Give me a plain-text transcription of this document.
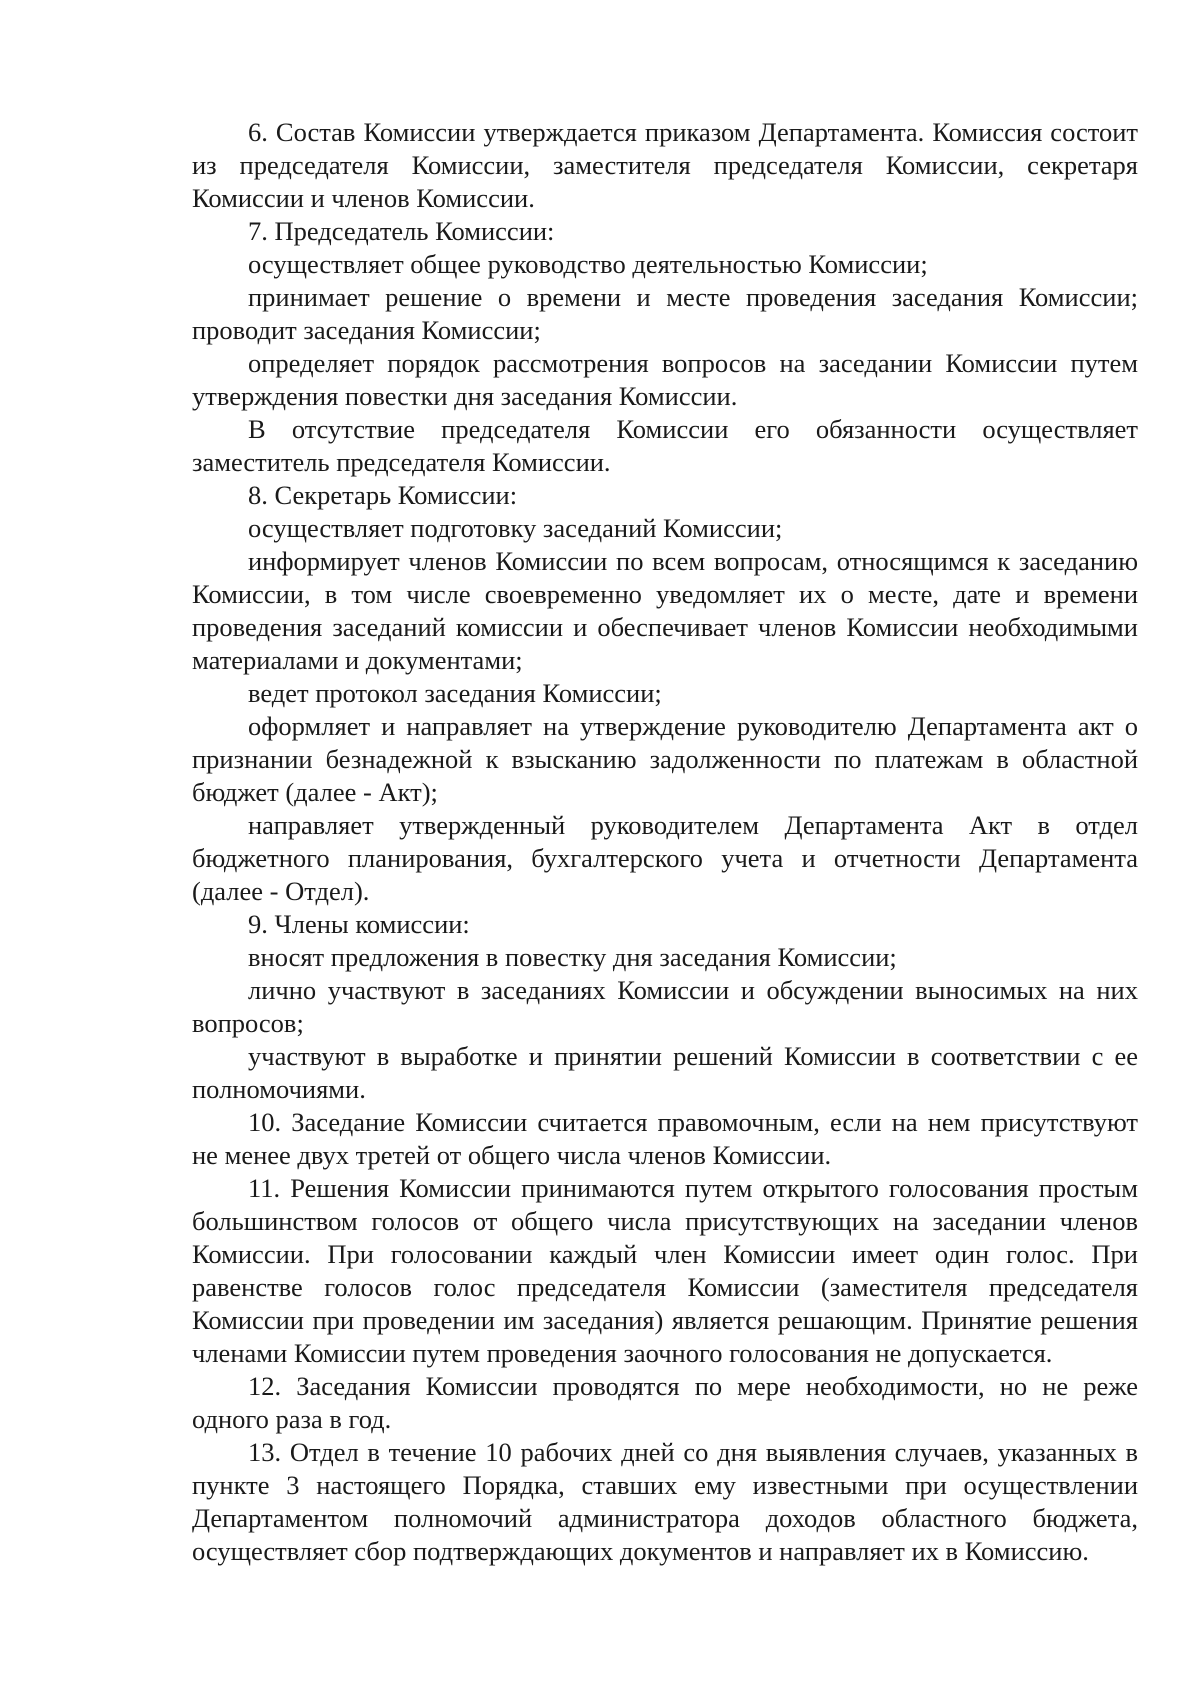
6. Состав Комиссии утверждается приказом Департамента. Комиссия состоит из председателя Комиссии, заместителя председателя Комиссии, секретаря Комиссии и членов Комиссии.

7. Председатель Комиссии:

осуществляет общее руководство деятельностью Комиссии;

принимает решение о времени и месте проведения заседания Комиссии; проводит заседания Комиссии;

определяет порядок рассмотрения вопросов на заседании Комиссии путем утверждения повестки дня заседания Комиссии.

В отсутствие председателя Комиссии его обязанности осуществляет заместитель председателя Комиссии.

8. Секретарь Комиссии:

осуществляет подготовку заседаний Комиссии;

информирует членов Комиссии по всем вопросам, относящимся к заседанию Комиссии, в том числе своевременно уведомляет их о месте, дате и времени проведения заседаний комиссии и обеспечивает членов Комиссии необходимыми материалами и документами;

ведет протокол заседания Комиссии;

оформляет и направляет на утверждение руководителю Департамента акт о признании безнадежной к взысканию задолженности по платежам в областной бюджет (далее - Акт);

направляет утвержденный руководителем Департамента Акт в отдел бюджетного планирования, бухгалтерского учета и отчетности Департамента (далее - Отдел).

9. Члены комиссии:

вносят предложения в повестку дня заседания Комиссии;

лично участвуют в заседаниях Комиссии и обсуждении выносимых на них вопросов;

участвуют в выработке и принятии решений Комиссии в соответствии с ее полномочиями.

10. Заседание Комиссии считается правомочным, если на нем присутствуют не менее двух третей от общего числа членов Комиссии.

11. Решения Комиссии принимаются путем открытого голосования простым большинством голосов от общего числа присутствующих на заседании членов Комиссии. При голосовании каждый член Комиссии имеет один голос. При равенстве голосов голос председателя Комиссии (заместителя председателя Комиссии при проведении им заседания) является решающим. Принятие решения членами Комиссии путем проведения заочного голосования не допускается.

12. Заседания Комиссии проводятся по мере необходимости, но не реже одного раза в год.

13. Отдел в течение 10 рабочих дней со дня выявления случаев, указанных в пункте 3 настоящего Порядка, ставших ему известными при осуществлении Департаментом полномочий администратора доходов областного бюджета, осуществляет сбор подтверждающих документов и направляет их в Комиссию.
